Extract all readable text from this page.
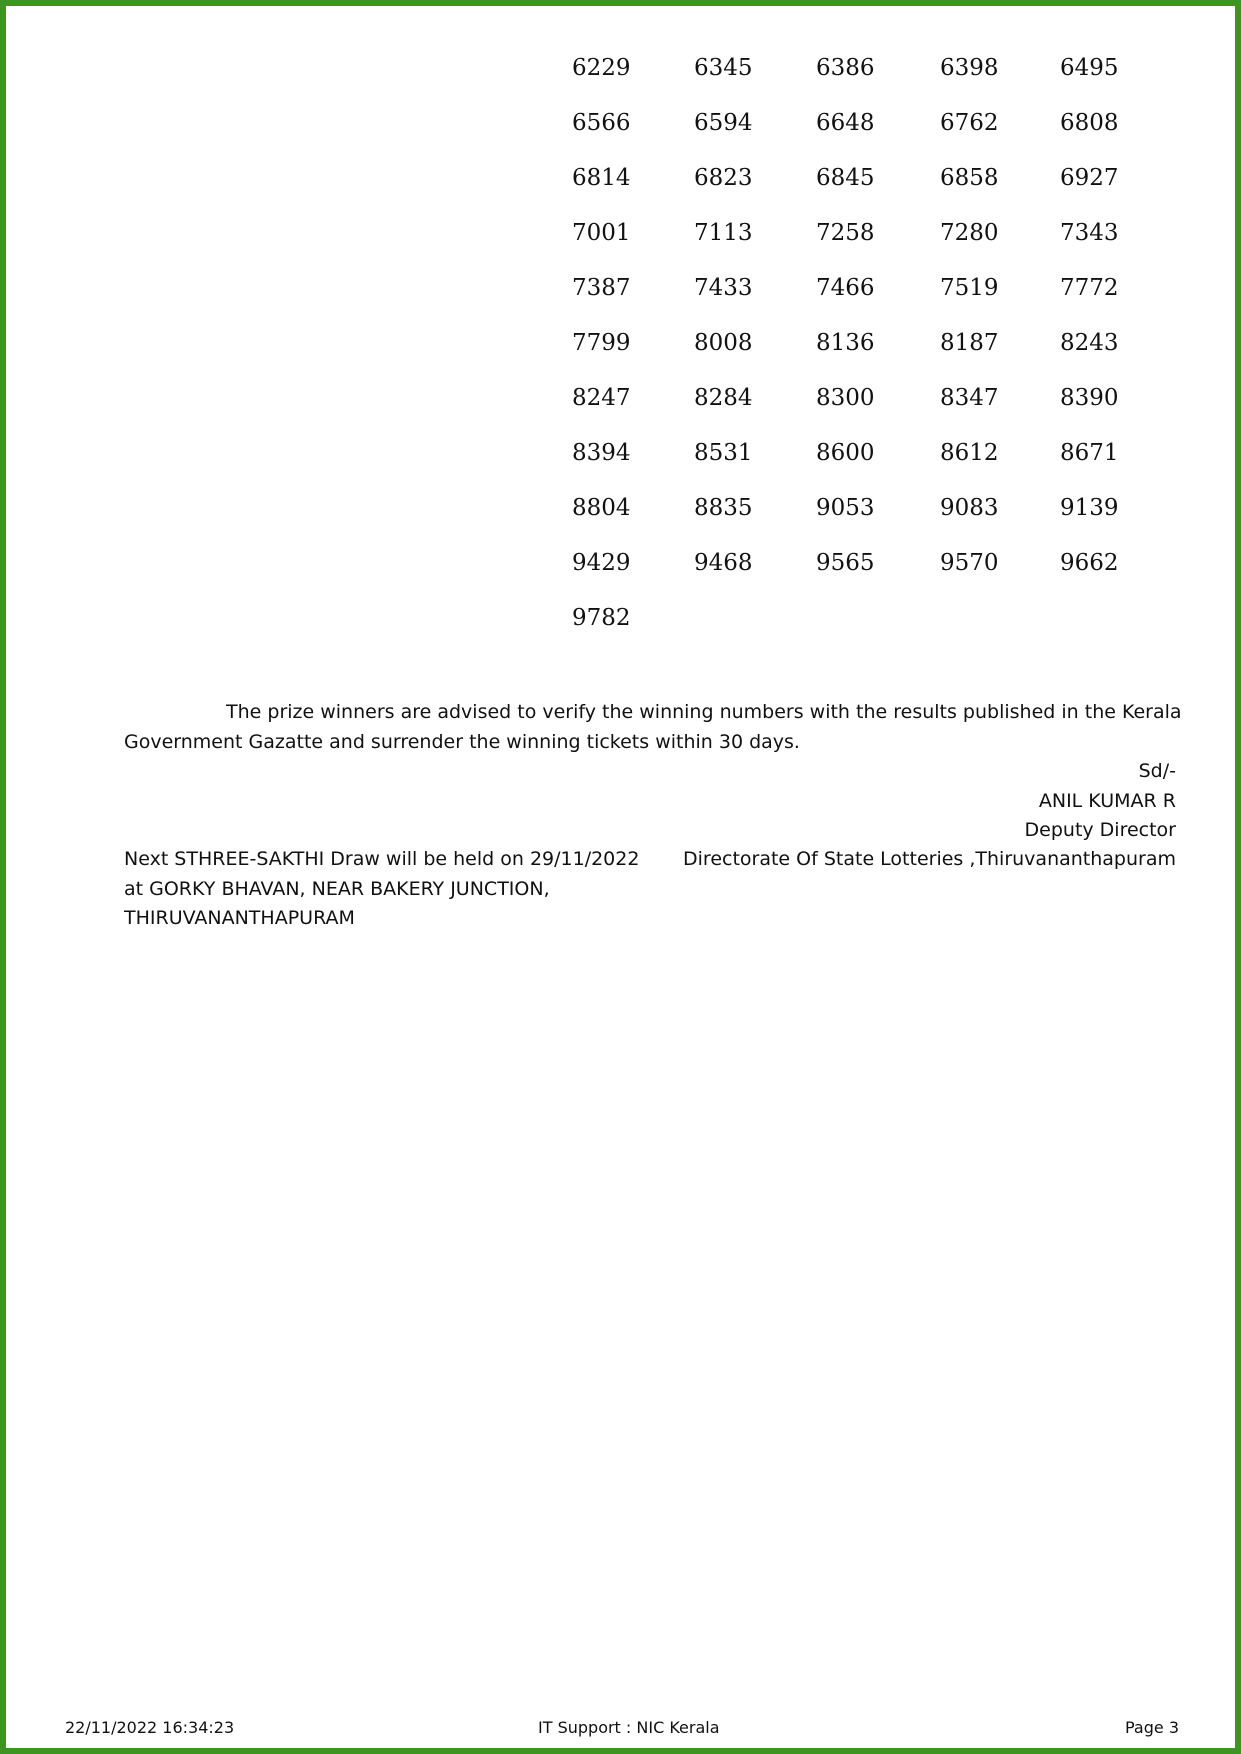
6229	6345	6386	6398	6495
6566	6594	6648	6762	6808
6814	6823	6845	6858	6927
7001	7113	7258	7280	7343
7387	7433	7466	7519	7772
7799	8008	8136	8187	8243
8247	8284	8300	8347	8390
8394	8531	8600	8612	8671
8804	8835	9053	9083	9139
9429	9468	9565	9570	9662
9782
The prize winners are advised to verify the winning numbers with the results published in the Kerala Government Gazatte and surrender the winning tickets within 30 days.
Sd/-
ANIL KUMAR R
Deputy Director
Next STHREE-SAKTHI Draw will be held on 29/11/2022
at GORKY BHAVAN, NEAR BAKERY JUNCTION,
THIRUVANANTHAPURAM
Directorate Of State Lotteries ,Thiruvananthapuram
22/11/2022 16:34:23	IT Support : NIC Kerala	Page 3
